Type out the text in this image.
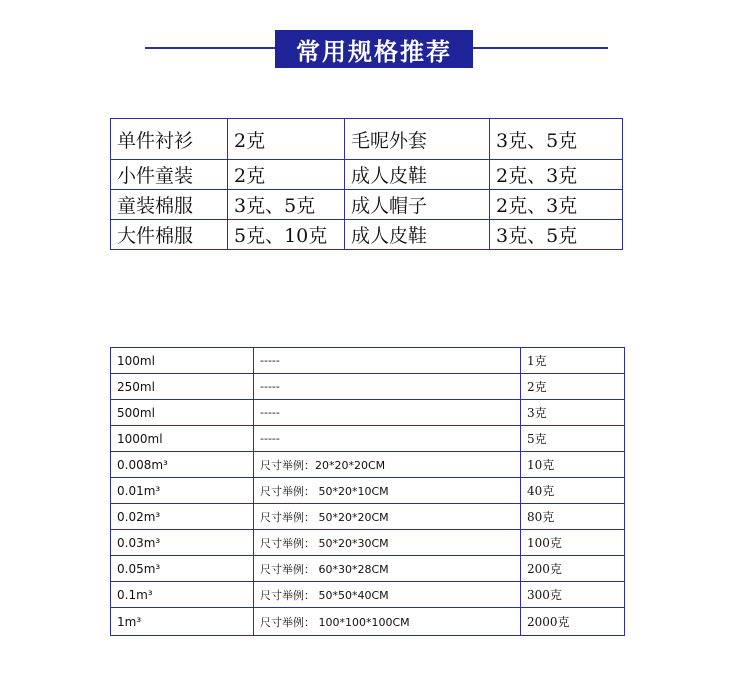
常用规格推荐
单件衬衫	2克	毛呢外套	3克、5克
小件童装	2克	成人皮鞋	2克、3克
童装棉服	3克、5克	成人帽子	2克、3克
大件棉服	5克、10克	成人皮鞋	3克、5克
100ml	-----	1克
250ml	-----	2克
500ml	-----	3克
1000ml	-----	5克
0.008m³	尺寸举例：20*20*20CM	10克
0.01m³	尺寸举例： 50*20*10CM	40克
0.02m³	尺寸举例： 50*20*20CM	80克
0.03m³	尺寸举例： 50*20*30CM	100克
0.05m³	尺寸举例： 60*30*28CM	200克
0.1m³	尺寸举例： 50*50*40CM	300克
1m³	尺寸举例： 100*100*100CM	2000克
